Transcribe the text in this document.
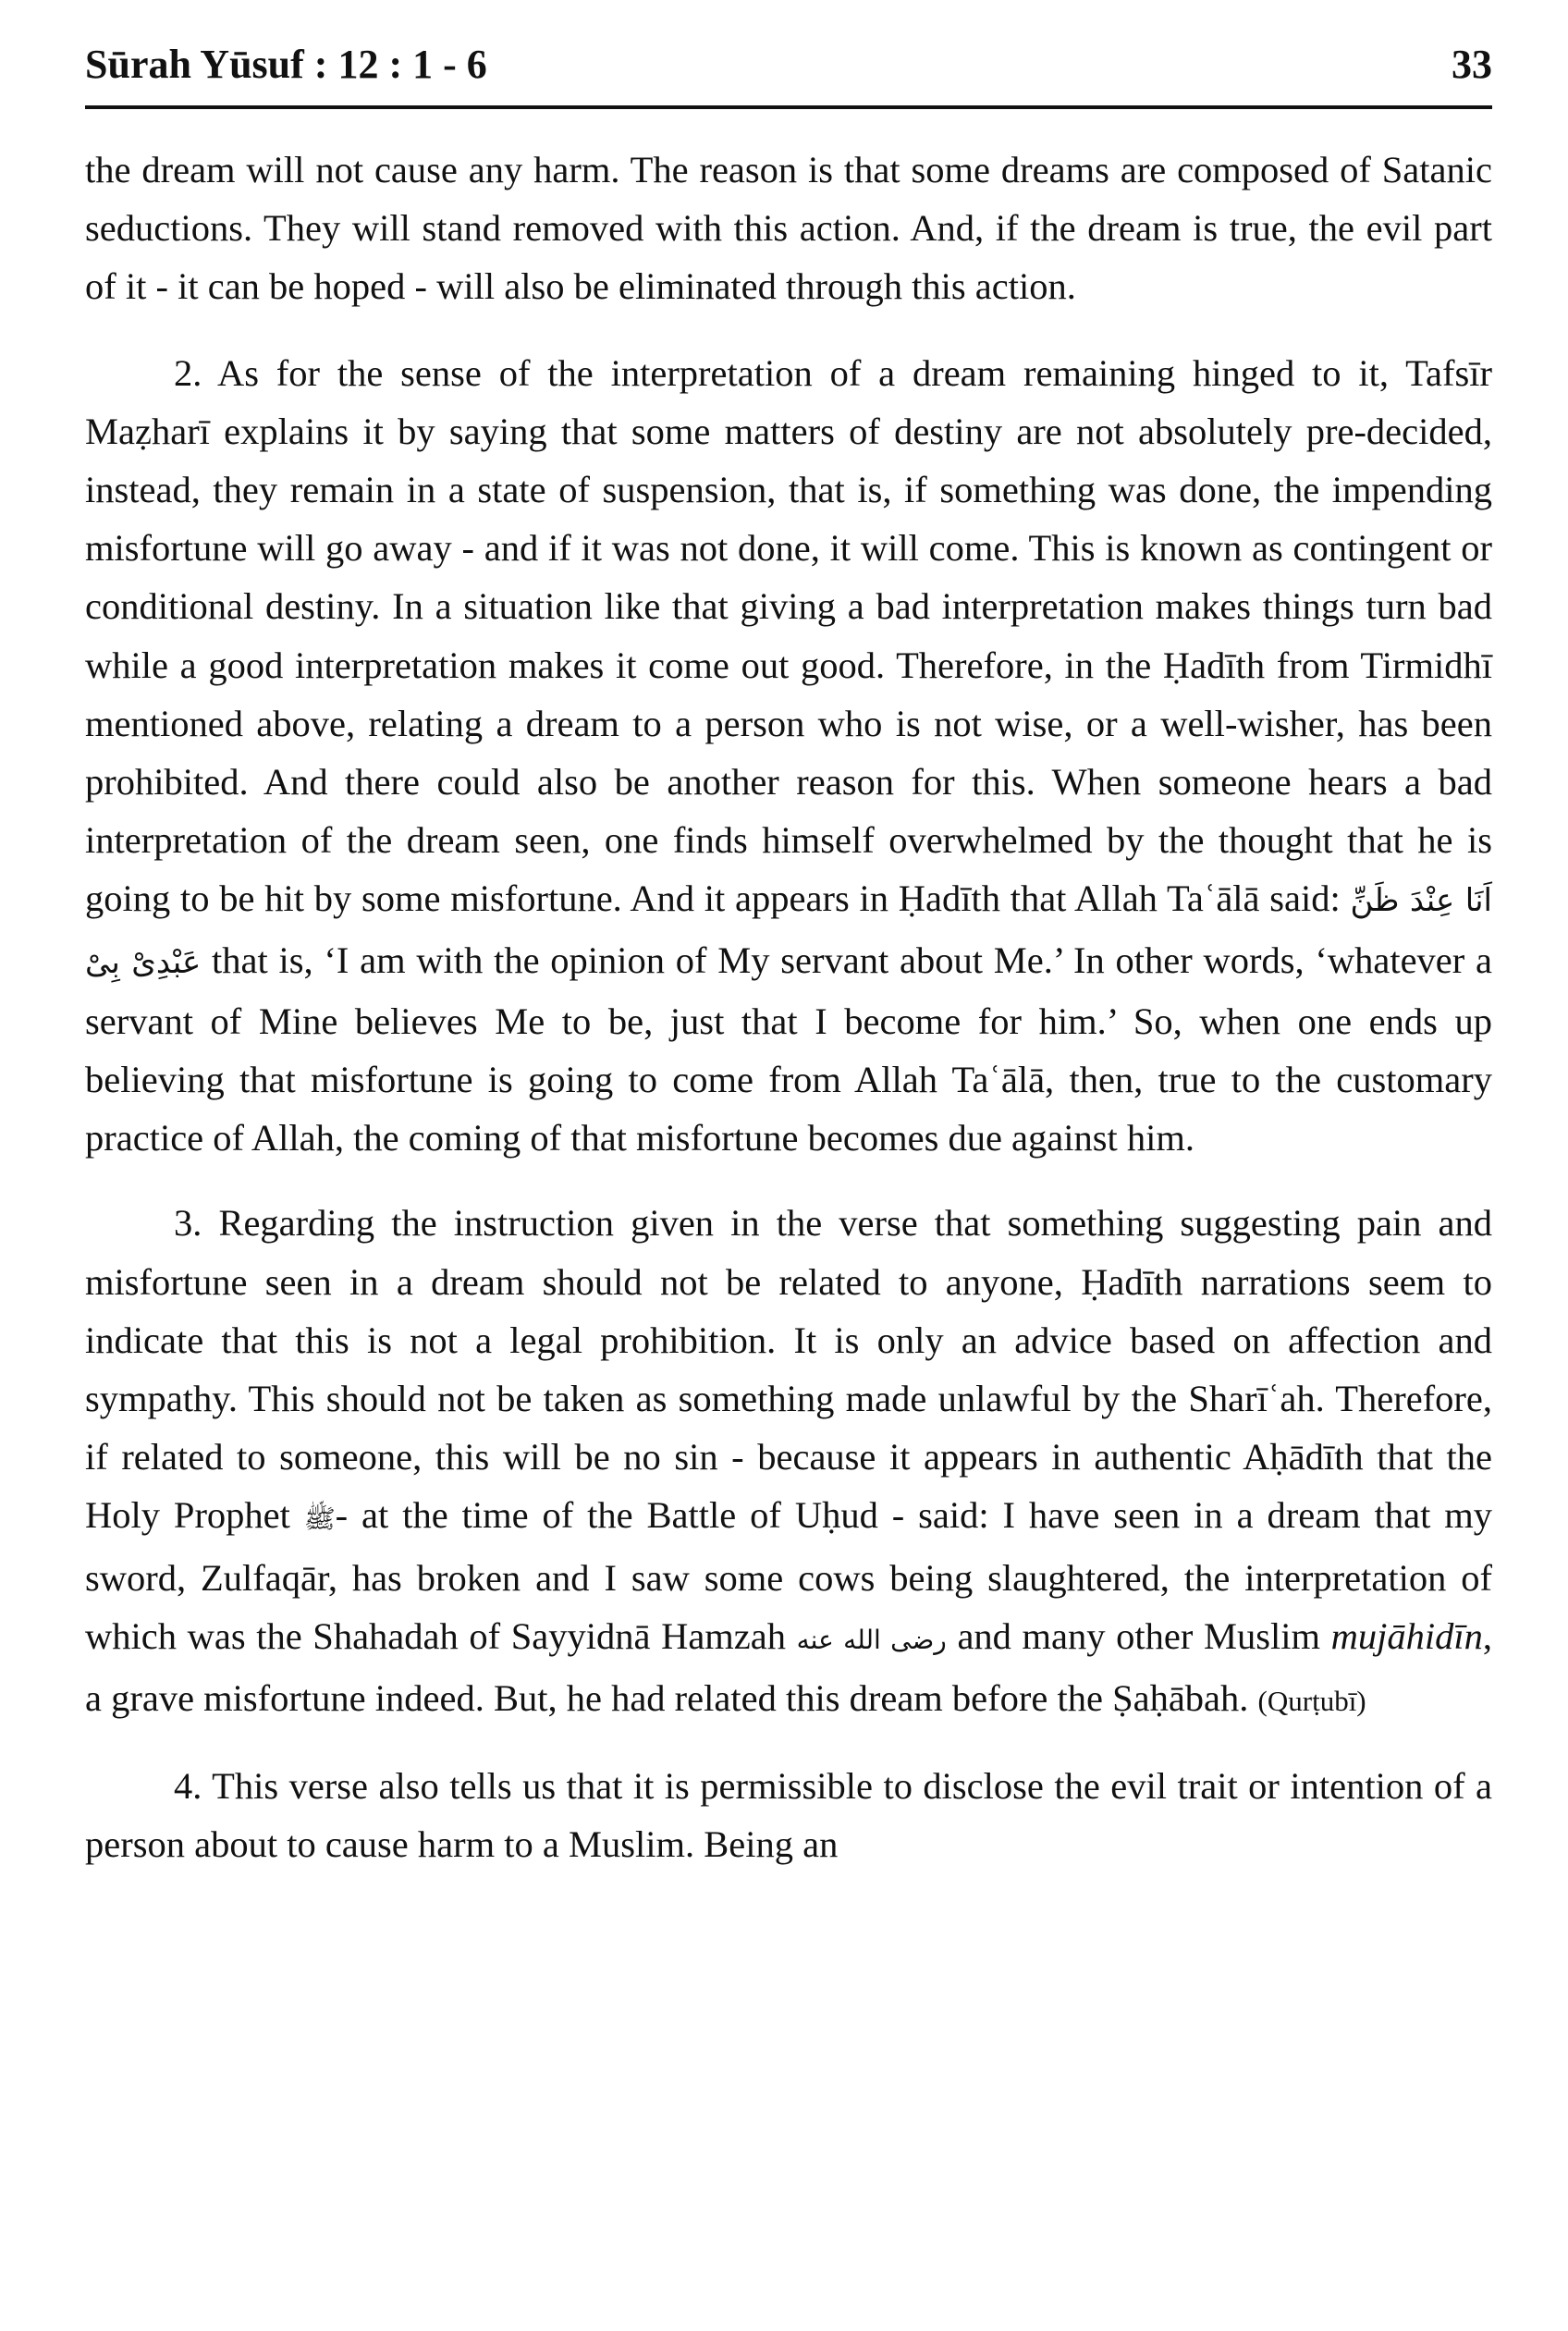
Sūrah Yūsuf : 12 : 1 - 6	33

the dream will not cause any harm. The reason is that some dreams are composed of Satanic seductions. They will stand removed with this action. And, if the dream is true, the evil part of it - it can be hoped - will also be eliminated through this action.

2. As for the sense of the interpretation of a dream remaining hinged to it, Tafsīr Maẓharī explains it by saying that some matters of destiny are not absolutely pre-decided, instead, they remain in a state of suspension, that is, if something was done, the impending misfortune will go away - and if it was not done, it will come. This is known as contingent or conditional destiny. In a situation like that giving a bad interpretation makes things turn bad while a good interpretation makes it come out good. Therefore, in the Ḥadīth from Tirmidhī mentioned above, relating a dream to a person who is not wise, or a well-wisher, has been prohibited. And there could also be another reason for this. When someone hears a bad interpretation of the dream seen, one finds himself overwhelmed by the thought that he is going to be hit by some misfortune. And it appears in Ḥadīth that Allah Taʿālā said: اَنَا عِنْدَ ظَنِّ عَبْدِیْ بِیْ that is, ‘I am with the opinion of My servant about Me.’ In other words, ‘whatever a servant of Mine believes Me to be, just that I become for him.’ So, when one ends up believing that misfortune is going to come from Allah Taʿālā, then, true to the customary practice of Allah, the coming of that misfortune becomes due against him.

3. Regarding the instruction given in the verse that something suggesting pain and misfortune seen in a dream should not be related to anyone, Ḥadīth narrations seem to indicate that this is not a legal prohibition. It is only an advice based on affection and sympathy. This should not be taken as something made unlawful by the Sharīʿah. Therefore, if related to someone, this will be no sin - because it appears in authentic Aḥādīth that the Holy Prophet ﷺ- at the time of the Battle of Uḥud - said: I have seen in a dream that my sword, Zulfaqār, has broken and I saw some cows being slaughtered, the interpretation of which was the Shahadah of Sayyidnā Hamzah رضی الله عنه and many other Muslim mujāhidīn, a grave misfortune indeed. But, he had related this dream before the Ṣaḥābah. (Qurṭubī)

4. This verse also tells us that it is permissible to disclose the evil trait or intention of a person about to cause harm to a Muslim. Being an
